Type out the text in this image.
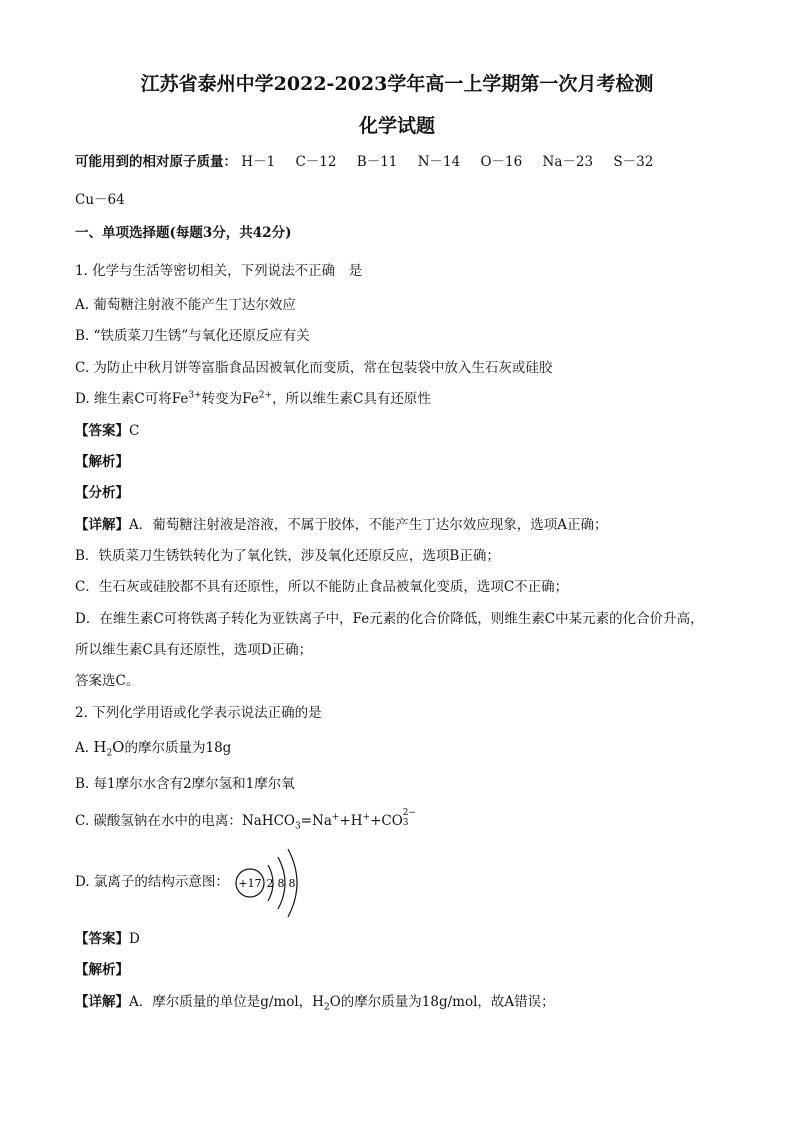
江苏省泰州中学2022-2023学年高一上学期第一次月考检测
化学试题
可能用到的相对原子质量： H－1 C－12 B－11 N－14 O－16 Na－23 S－32
Cu－64
一、单项选择题(每题3分，共42分)
1. 化学与生活等密切相关，下列说法不正确　是
A. 葡萄糖注射液不能产生丁达尔效应
B. “铁质菜刀生锈”与氧化还原反应有关
C. 为防止中秋月饼等富脂食品因被氧化而变质，常在包装袋中放入生石灰或硅胶
D. 维生素C可将$Fe^{3+}$转变为$Fe^{2+}$，所以维生素C具有还原性
【答案】C
【解析】
【分析】
【详解】A．葡萄糖注射液是溶液，不属于胶体，不能产生丁达尔效应现象，选项A正确；
B．铁质菜刀生锈铁转化为了氧化铁，涉及氧化还原反应，选项B正确；
C．生石灰或硅胶都不具有还原性，所以不能防止食品被氧化变质，选项C不正确；
D．在维生素C可将铁离子转化为亚铁离子中，Fe元素的化合价降低，则维生素C中某元素的化合价升高，
所以维生素C具有还原性，选项D正确；
答案选C。
2. 下列化学用语或化学表示说法正确的是
A. $H_2O$的摩尔质量为18g
B. 每1摩尔水含有2摩尔氢和1摩尔氧
C. 碳酸氢钠在水中的电离：NaHCO$_3$=Na++H++CO 2−
3
D. 氯离子的结构示意图： +17 2 8 8
【答案】D
【解析】
【详解】A．摩尔质量的单位是g/mol，$H_2O$的摩尔质量为18g/mol，故A错误；
